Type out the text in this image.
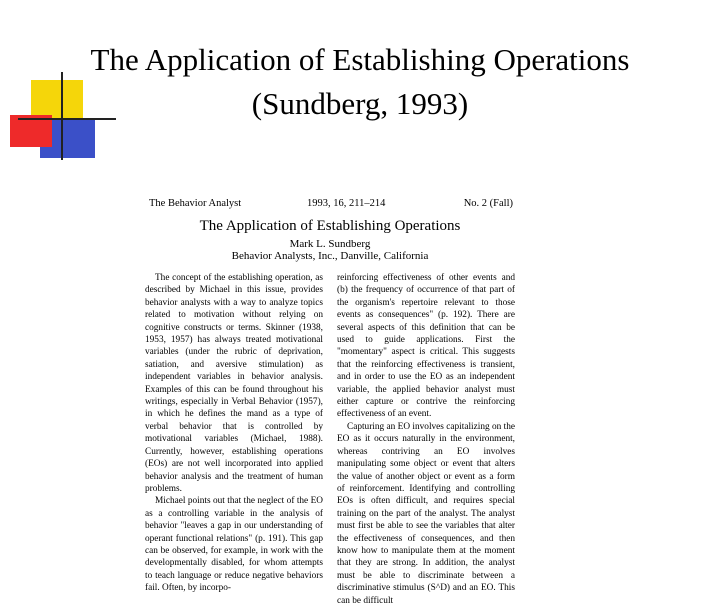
The Application of Establishing Operations
(Sundberg, 1993)
The Behavior Analyst	1993, 16, 211–214	No. 2 (Fall)
The Application of Establishing Operations
Mark L. Sundberg
Behavior Analysts, Inc., Danville, California

The concept of the establishing operation, as described by Michael in this issue, provides behavior analysts with a way to analyze topics related to motivation without relying on cognitive constructs or terms. Skinner (1938, 1953, 1957) has always treated motivational variables (under the rubric of deprivation, satiation, and aversive stimulation) as independent variables in behavior analysis. Examples of this can be found throughout his writings, especially in Verbal Behavior (1957), in which he defines the mand as a type of verbal behavior that is controlled by motivational variables (Michael, 1988). Currently, however, establishing operations (EOs) are not well incorporated into applied behavior analysis and the treatment of human problems.

Michael points out that the neglect of the EO as a controlling variable in the analysis of behavior "leaves a gap in our understanding of operant functional relations" (p. 191). This gap can be observed, for example, in work with the developmentally disabled, for whom attempts to teach language or reduce negative behaviors fail. Often, by incorpo-

reinforcing effectiveness of other events and (b) the frequency of occurrence of that part of the organism's repertoire relevant to those events as consequences" (p. 192). There are several aspects of this definition that can be used to guide applications. First the "momentary" aspect is critical. This suggests that the reinforcing effectiveness is transient, and in order to use the EO as an independent variable, the applied behavior analyst must either capture or contrive the reinforcing effectiveness of an event.

Capturing an EO involves capitalizing on the EO as it occurs naturally in the environment, whereas contriving an EO involves manipulating some object or event that alters the value of another object or event as a form of reinforcement. Identifying and controlling EOs is often difficult, and requires special training on the part of the analyst. The analyst must first be able to see the variables that alter the effectiveness of consequences, and then know how to manipulate them at the moment that they are strong. In addition, the analyst must be able to discriminate between a discriminative stimulus (S^D) and an EO. This can be difficult
